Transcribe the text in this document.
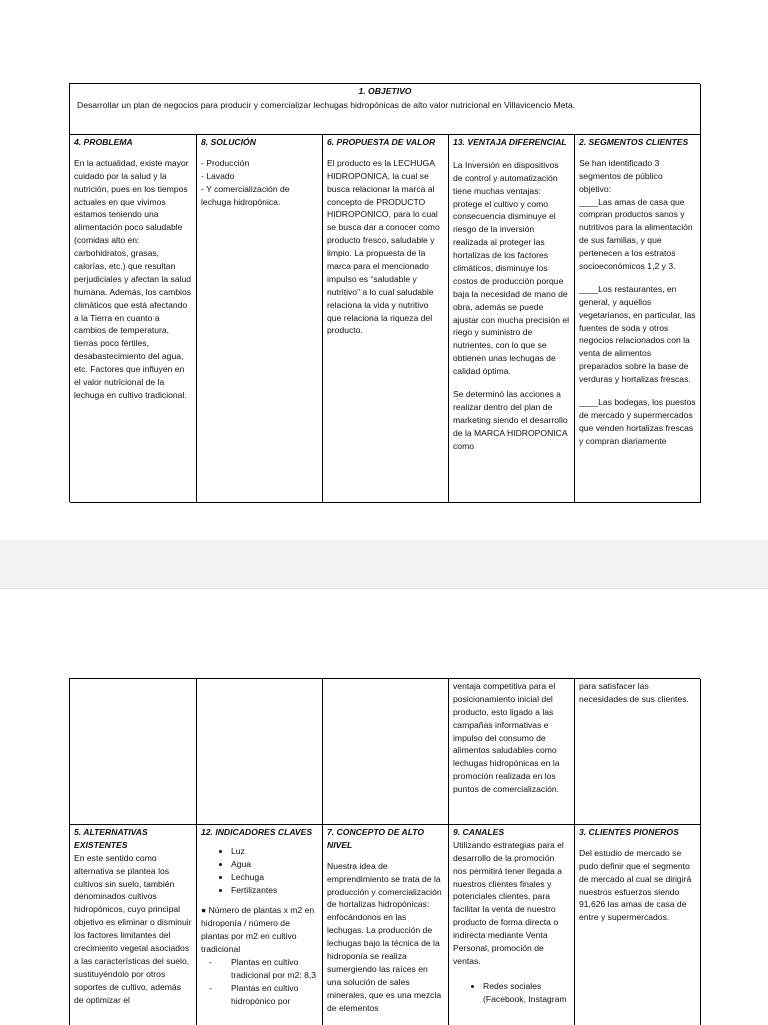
1. OBJETIVO
Desarrollar un plan de negocios para producir y comercializar lechugas hidropónicas de alto valor nutricional en Villavicencio Meta.
4. PROBLEMA

En la actualidad, existe mayor cuidado por la salud y la nutrición, pues en los tiempos actuales en que vivimos estamos teniendo una alimentación poco saludable (comidas alto en: carbohidratos, grasas, calorías, etc.) que resultan perjudiciales y afectan la salud humana. Además, los cambios climáticos que está afectando a la Tierra en cuanto a cambios de temperatura, tierras poco fértiles, desabastecimiento del agua, etc. Factores que influyen en el valor nutricional de la lechuga en cultivo tradicional.

8. SOLUCIÓN
- Producción
- Lavado
- Y comercialización de lechuga hidropónica.
6. PROPUESTA DE VALOR

El producto es la LECHUGA HIDROPONICA, la cual se busca relacionar la marca al concepto de PRODUCTO HIDROPONICO, para lo cual se busca dar a conocer como producto fresco, saludable y limpio. La propuesta de la marca para el mencionado impulso es “saludable y nutritivo” a lo cual saludable relaciona la vida y nutritivo que relaciona la riqueza del producto.

13. VENTAJA DIFERENCIAL

La Inversión en dispositivos de control y automatización tiene muchas ventajas: protege el cultivo y como consecuencia disminuye el riesgo de la inversión realizada al proteger las hortalizas de los factores climáticos, disminuye los costos de producción porque baja la necesidad de mano de obra, además se puede ajustar con mucha precisión el riego y suministro de nutrientes, con lo que se obtienen unas lechugas de calidad óptima.

Se determinó las acciones a realizar dentro del plan de marketing siendo el desarrollo de la MARCA HIDROPONICA como

2. SEGMENTOS CLIENTES

Se han identificado 3 segmentos de público objetivo:

____Las amas de casa que compran productos sanos y nutritivos para la alimentación de sus familias, y que pertenecen a los estratos socioeconómicos 1,2 y 3.

____Los restaurantes, en general, y aquellos vegetarianos, en particular, las fuentes de soda y otros negocios relacionados con la venta de alimentos preparados sobre la base de verduras y hortalizas frescas.

____Las bodegas, los puestos de mercado y supermercados que venden hortalizas frescas y compran diariamente

ventaja competitiva para el posicionamiento inicial del producto, esto ligado a las campañas informativas e impulso del consumo de alimentos saludables como lechugas hidropónicas en la promoción realizada en los puntos de comercialización.

para satisfacer las necesidades de sus clientes.

5. ALTERNATIVAS EXISTENTES

En este sentido como alternativa se plantea los cultivos sin suelo, también denominados cultivos hidropónicos, cuyo principal objetivo es eliminar o disminuir los factores limitantes del crecimiento vegetal asociados a las características del suelo, sustituyéndolo por otros soportes de cultivo, además de optimizar el

12. INDICADORES CLAVES
• Luz
• Agua
• Lechuga
• Fertilizantes

● Número de plantas x m2 en hidroponía / número de plantas por m2 en cultivo tradicional

- Plantas en cultivo tradicional por m2: 8,3
- Plantas en cultivo hidropónico por
7. CONCEPTO DE ALTO NIVEL

Nuestra idea de emprendimiento se trata de la producción y comercialización de hortalizas hidropónicas: enfocándonos en las lechugas. La producción de lechugas bajo la técnica de la hidroponía se realiza sumergiendo las raíces en una solución de sales minerales, que es una mezcla de elementos

9. CANALES

Utilizando estrategias para el desarrollo de la promoción nos permitirá tener llegada a nuestros clientes finales y potenciales clientes, para facilitar la venta de nuestro producto de forma directa o indirecta mediante Venta Personal, promoción de ventas.

• Redes sociales (Facebook, Instagram
3. CLIENTES PIONEROS

Del estudio de mercado se pudo definir que el segmento de mercado al cual se dirigirá nuestros esfuerzos siendo 91,626 las amas de casa de entre y supermercados.
